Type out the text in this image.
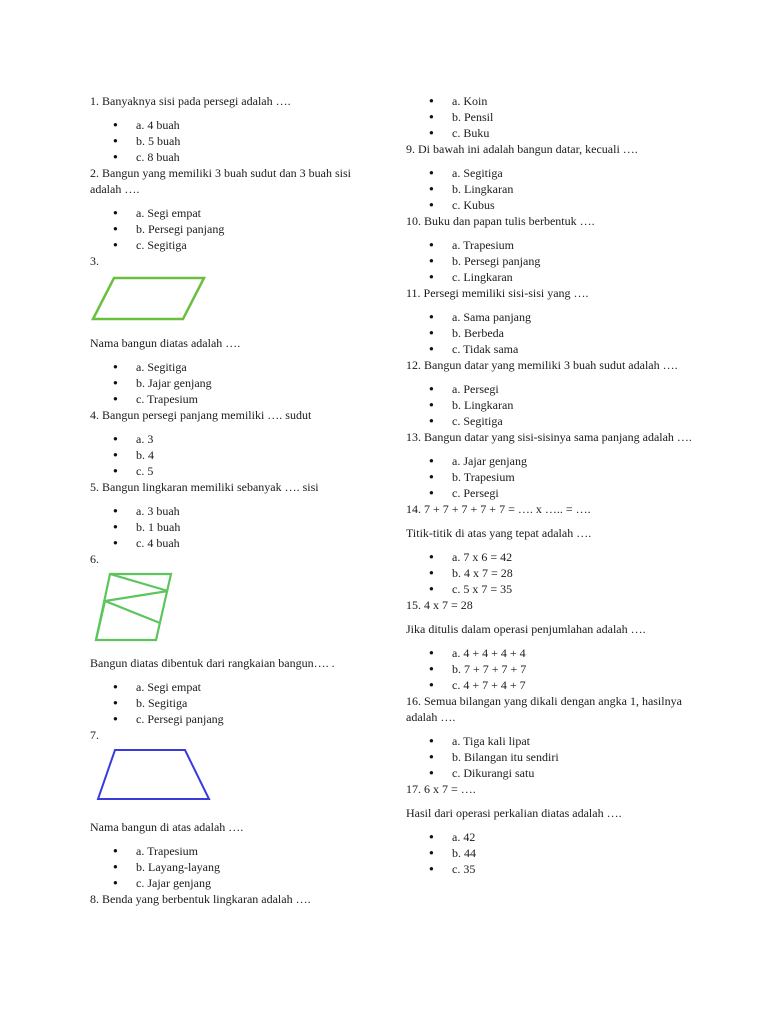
1. Banyaknya sisi pada persegi adalah ….

● a. 4 buah
● b. 5 buah
● c. 8 buah

2. Bangun yang memiliki 3 buah sudut dan 3 buah sisi adalah ….

● a. Segi empat
● b. Persegi panjang
● c. Segitiga

3.

Nama bangun diatas adalah ….

● a. Segitiga
● b. Jajar genjang
● c. Trapesium

4. Bangun persegi panjang memiliki …. sudut

● a. 3
● b. 4
● c. 5

5. Bangun lingkaran memiliki sebanyak …. sisi

● a. 3 buah
● b. 1 buah
● c. 4 buah

6.

Bangun diatas dibentuk dari rangkaian bangun…. .

● a. Segi empat
● b. Segitiga
● c. Persegi panjang

7.

Nama bangun di atas adalah ….

● a. Trapesium
● b. Layang-layang
● c. Jajar genjang

8. Benda yang berbentuk lingkaran adalah ….

● a. Koin
● b. Pensil
● c. Buku

9. Di bawah ini adalah bangun datar, kecuali ….

● a. Segitiga
● b. Lingkaran
● c. Kubus

10. Buku dan papan tulis berbentuk ….

● a. Trapesium
● b. Persegi panjang
● c. Lingkaran

11. Persegi memiliki sisi-sisi yang ….

● a. Sama panjang
● b. Berbeda
● c. Tidak sama

12. Bangun datar yang memiliki 3 buah sudut adalah ….

● a. Persegi
● b. Lingkaran
● c. Segitiga

13. Bangun datar yang sisi-sisinya sama panjang adalah ….

● a. Jajar genjang
● b. Trapesium
● c. Persegi

14. 7 + 7 + 7 + 7 + 7 = …. x ….. = ….

Titik-titik di atas yang tepat adalah ….

● a. 7 x 6 = 42
● b. 4 x 7 = 28
● c. 5 x 7 = 35

15. 4 x 7 = 28

Jika ditulis dalam operasi penjumlahan adalah ….

● a. 4 + 4 + 4 + 4
● b. 7 + 7 + 7 + 7
● c. 4 + 7 + 4 + 7

16. Semua bilangan yang dikali dengan angka 1, hasilnya adalah ….

● a. Tiga kali lipat
● b. Bilangan itu sendiri
● c. Dikurangi satu

17. 6 x 7 = ….

Hasil dari operasi perkalian diatas adalah ….

● a. 42
● b. 44
● c. 35
